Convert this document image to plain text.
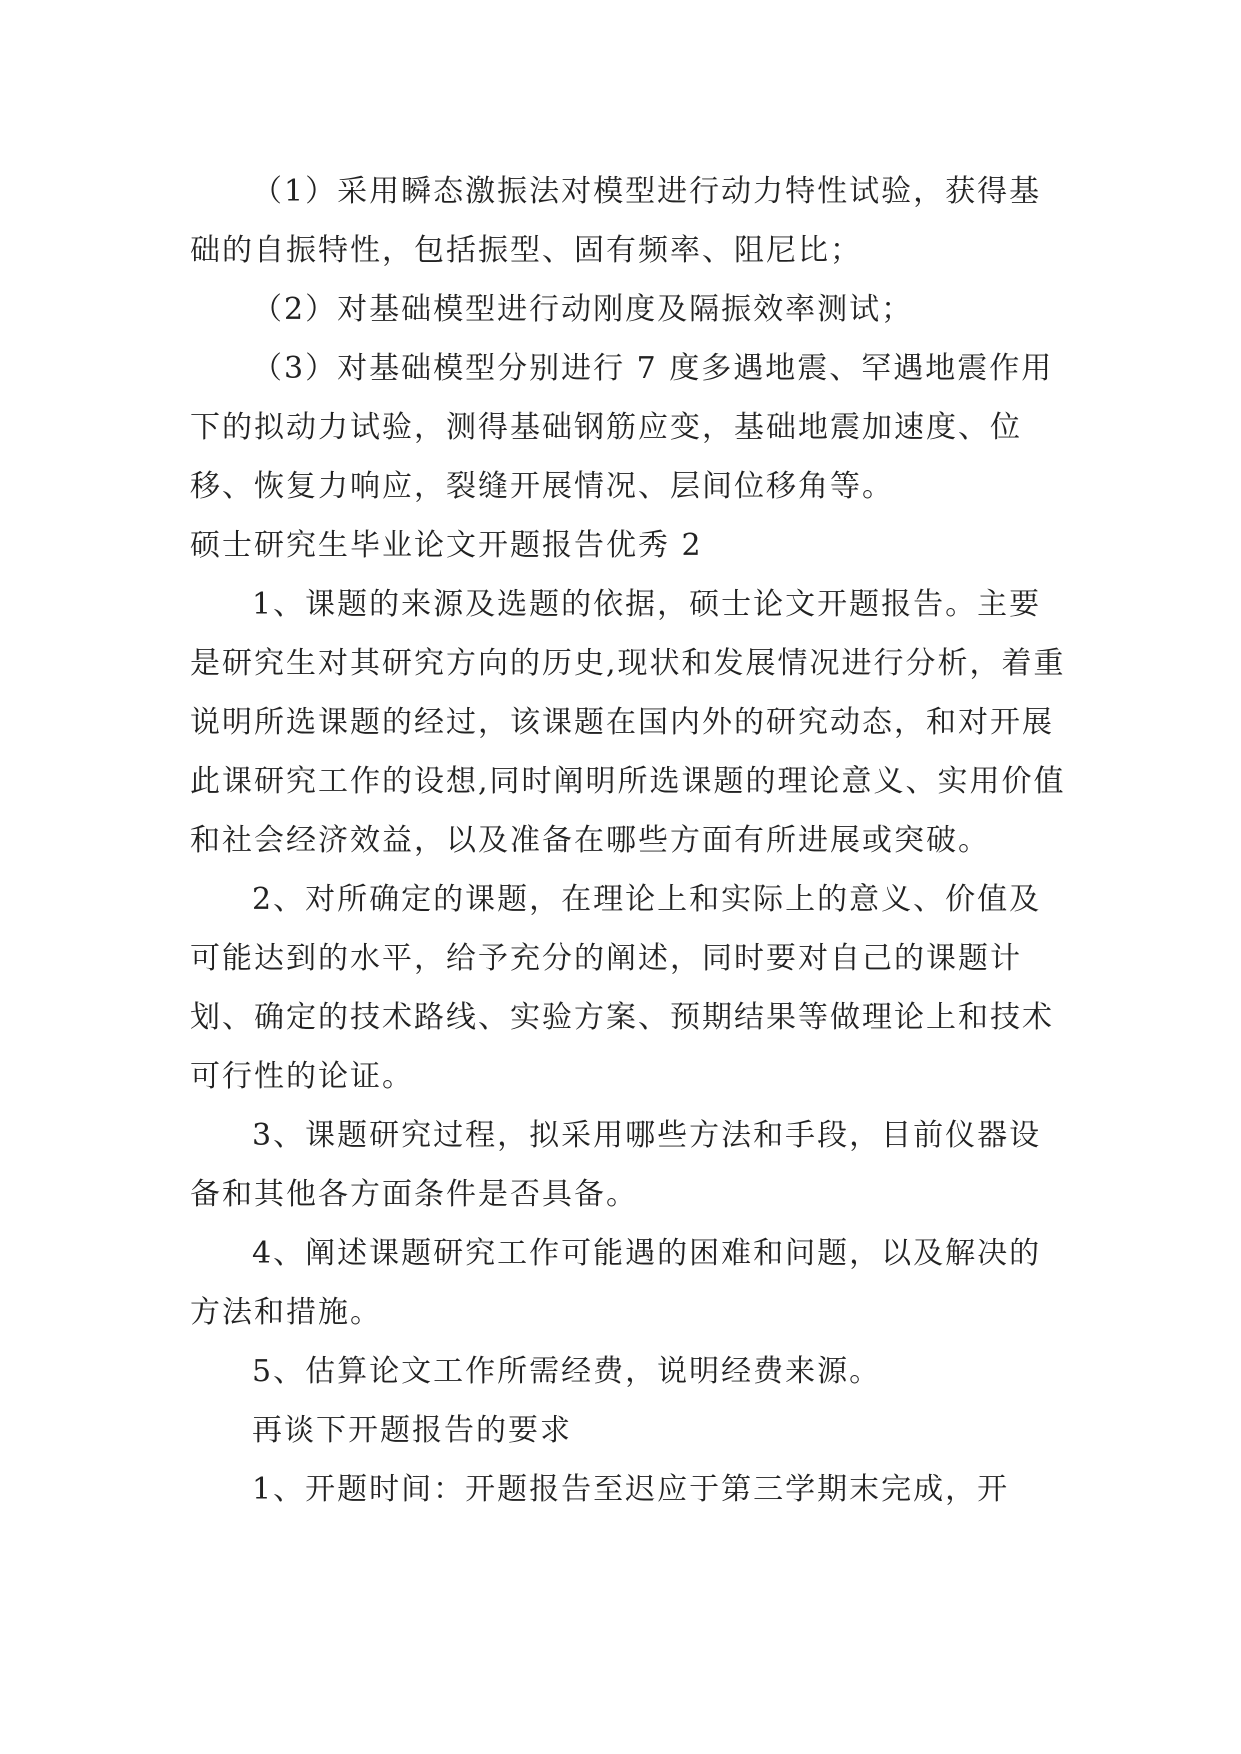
（1）采用瞬态激振法对模型进行动力特性试验，获得基础的自振特性，包括振型、固有频率、阻尼比；

（2）对基础模型进行动刚度及隔振效率测试；

（3）对基础模型分别进行 7 度多遇地震、罕遇地震作用下的拟动力试验，测得基础钢筋应变，基础地震加速度、位移、恢复力响应，裂缝开展情况、层间位移角等。

硕士研究生毕业论文开题报告优秀 2

1、课题的来源及选题的依据，硕士论文开题报告。主要是研究生对其研究方向的历史,现状和发展情况进行分析，着重说明所选课题的经过，该课题在国内外的研究动态，和对开展此课研究工作的设想,同时阐明所选课题的理论意义、实用价值和社会经济效益，以及准备在哪些方面有所进展或突破。

2、对所确定的课题，在理论上和实际上的意义、价值及可能达到的水平，给予充分的阐述，同时要对自己的课题计划、确定的技术路线、实验方案、预期结果等做理论上和技术可行性的论证。

3、课题研究过程，拟采用哪些方法和手段，目前仪器设备和其他各方面条件是否具备。

4、阐述课题研究工作可能遇的困难和问题，以及解决的方法和措施。

5、估算论文工作所需经费，说明经费来源。

再谈下开题报告的要求

1、开题时间：开题报告至迟应于第三学期末完成，开
